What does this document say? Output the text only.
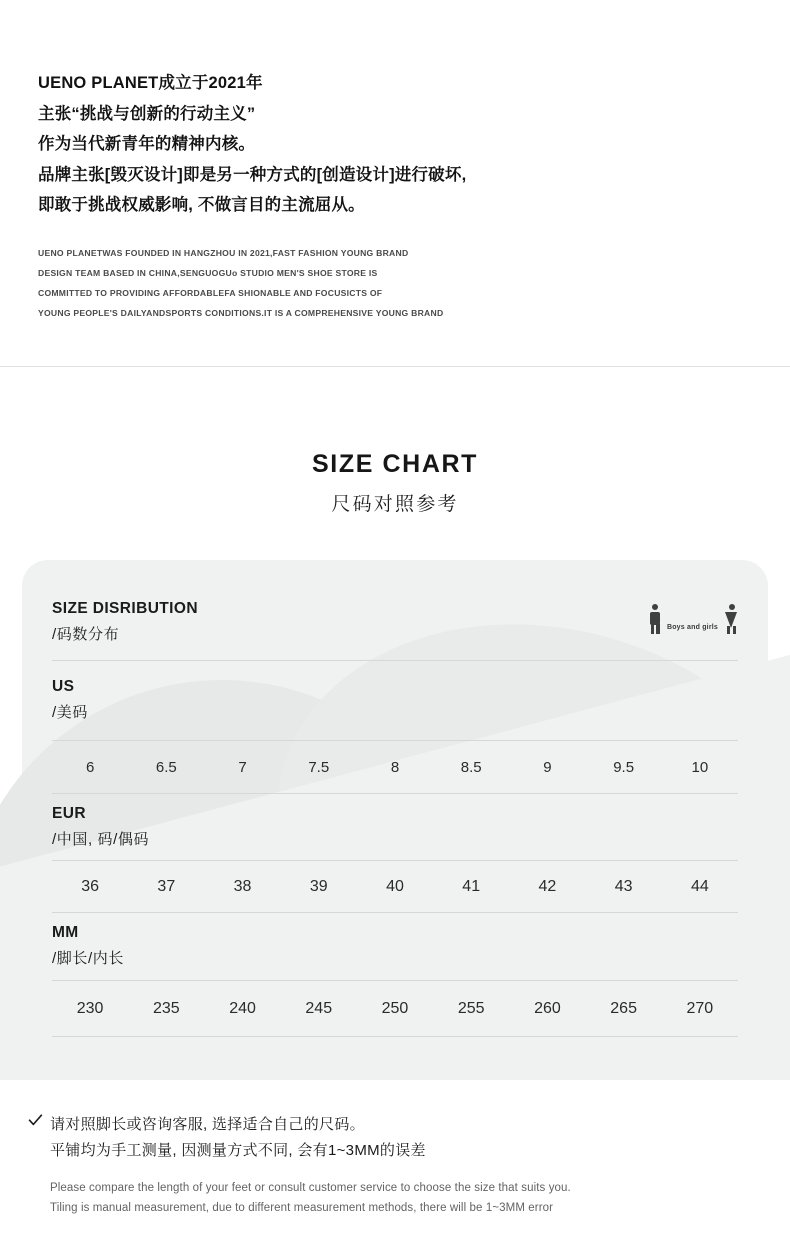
UENO PLANET成立于2021年
主张“挑战与创新的行动主义”
作为当代新青年的精神内核。
品牌主张[毁灭设计]即是另一种方式的[创造设计]进行破坏,
即敢于挑战权威影响, 不做言目的主流屈从。
UENO PLANETWAS FOUNDED IN HANGZHOU IN 2021,FAST FASHION YOUNG BRAND
DESIGN TEAM BASED IN CHINA,SENGUOGUo STUDIO MEN'S SHOE STORE IS
COMMITTED TO PROVIDING AFFORDABLEFA SHIONABLE AND FOCUSICTS OF
YOUNG PEOPLE'S DAILYANDSPORTS CONDITIONS.IT IS A COMPREHENSIVE YOUNG BRAND
SIZE CHART
尺码对照参考
SIZE DISRIBUTION
/码数分布	Boys and girls
US
/美码
6	6.5	7	7.5	8	8.5	9	9.5	10
EUR
/中国, 码/偶码
36	37	38	39	40	41	42	43	44
MM
/脚长/内长
230	235	240	245	250	255	260	265	270
请对照脚长或咨询客服, 选择适合自己的尺码。
平铺均为手工测量, 因测量方式不同, 会有1~3MM的误差
Please compare the length of your feet or consult customer service to choose the size that suits you.
Tiling is manual measurement, due to different measurement methods, there will be 1~3MM error
